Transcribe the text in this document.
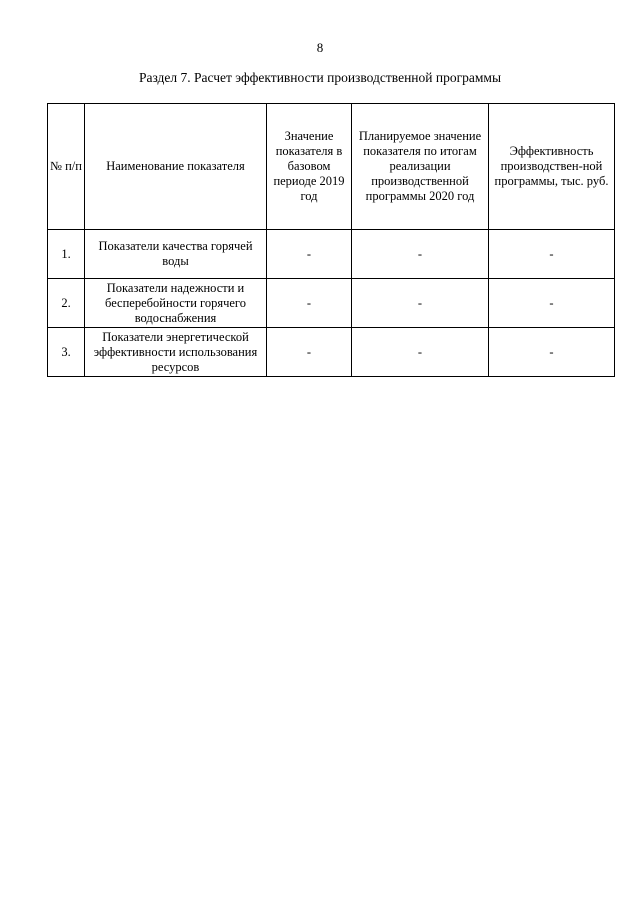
8
Раздел 7. Расчет эффективности производственной программы
№ п/п	Наименование показателя	Значение показателя в базовом периоде 2019 год	Планируемое значение показателя по итогам реализации производственной программы 2020 год	Эффективность производствен-ной программы, тыс. руб.
1.	Показатели качества горячей воды	-	-	-
2.	Показатели надежности и бесперебойности горячего водоснабжения	-	-	-
3.	Показатели энергетической эффективности использования ресурсов	-	-	-
